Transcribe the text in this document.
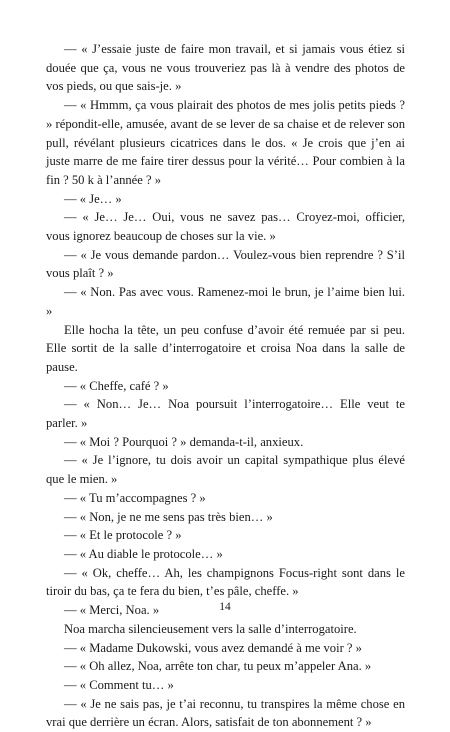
— « J’essaie juste de faire mon travail, et si jamais vous étiez si douée que ça, vous ne vous trouveriez pas là à vendre des photos de vos pieds, ou que sais-je. »

— « Hmmm, ça vous plairait des photos de mes jolis petits pieds ? » répondit-elle, amusée, avant de se lever de sa chaise et de relever son pull, révélant plusieurs cicatrices dans le dos. « Je crois que j’en ai juste marre de me faire tirer dessus pour la vérité… Pour combien à la fin ? 50 k à l’année ? »

— « Je… »

— « Je… Je… Oui, vous ne savez pas… Croyez-moi, officier, vous ignorez beaucoup de choses sur la vie. »

— « Je vous demande pardon… Voulez-vous bien reprendre ? S’il vous plaît ? »

— « Non. Pas avec vous. Ramenez-moi le brun, je l’aime bien lui. »

Elle hocha la tête, un peu confuse d’avoir été remuée par si peu. Elle sortit de la salle d’interrogatoire et croisa Noa dans la salle de pause.

— « Cheffe, café ? »

— « Non… Je… Noa poursuit l’interrogatoire… Elle veut te parler. »

— « Moi ? Pourquoi ? » demanda-t-il, anxieux.

— « Je l’ignore, tu dois avoir un capital sympathique plus élevé que le mien. »

— « Tu m’accompagnes ? »

— « Non, je ne me sens pas très bien… »

— « Et le protocole ? »

— « Au diable le protocole… »

— « Ok, cheffe… Ah, les champignons Focus-right sont dans le tiroir du bas, ça te fera du bien, t’es pâle, cheffe. »

— « Merci, Noa. »

Noa marcha silencieusement vers la salle d’interrogatoire.

— « Madame Dukowski, vous avez demandé à me voir ? »

— « Oh allez, Noa, arrête ton char, tu peux m’appeler Ana. »

— « Comment tu… »

— « Je ne sais pas, je t’ai reconnu, tu transpires la même chose en vrai que derrière un écran. Alors, satisfait de ton abonnement ? »

14
